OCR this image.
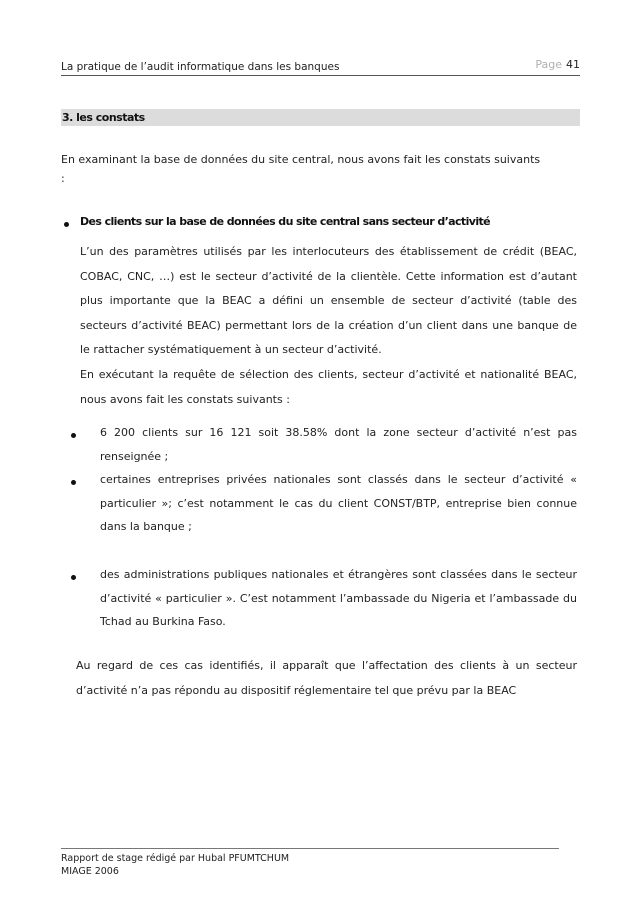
La pratique de l’audit informatique dans les banques	Page 41
3. les constats
En examinant la base de données du site central, nous avons fait les constats suivants :
Des clients sur la base de données du site central sans secteur d’activité

L’un des paramètres utilisés par les interlocuteurs des établissement de crédit (BEAC, COBAC, CNC, …) est le secteur d’activité de la clientèle. Cette information est d’autant plus importante que la BEAC a défini un ensemble de secteur d’activité (table des secteurs d’activité BEAC) permettant lors de la création d’un client dans une banque de le rattacher systématiquement à un secteur d’activité.

En exécutant la requête de sélection des clients, secteur d’activité et nationalité BEAC, nous avons fait les constats suivants :

6 200 clients sur 16 121 soit 38.58% dont la zone secteur d’activité n’est pas renseignée ;
certaines entreprises privées nationales sont classés dans le secteur d’activité « particulier »; c’est notamment le cas du client CONST/BTP, entreprise bien connue dans la banque ;
des administrations publiques nationales et étrangères sont classées dans le secteur d’activité « particulier ». C’est notamment l’ambassade du Nigeria et l’ambassade du Tchad au Burkina Faso.
Au regard de ces cas identifiés, il apparaît que l’affectation des clients à un secteur d’activité n’a pas répondu au dispositif réglementaire tel que prévu par la BEAC
Rapport de stage rédigé par Hubal PFUMTCHUM
MIAGE 2006
